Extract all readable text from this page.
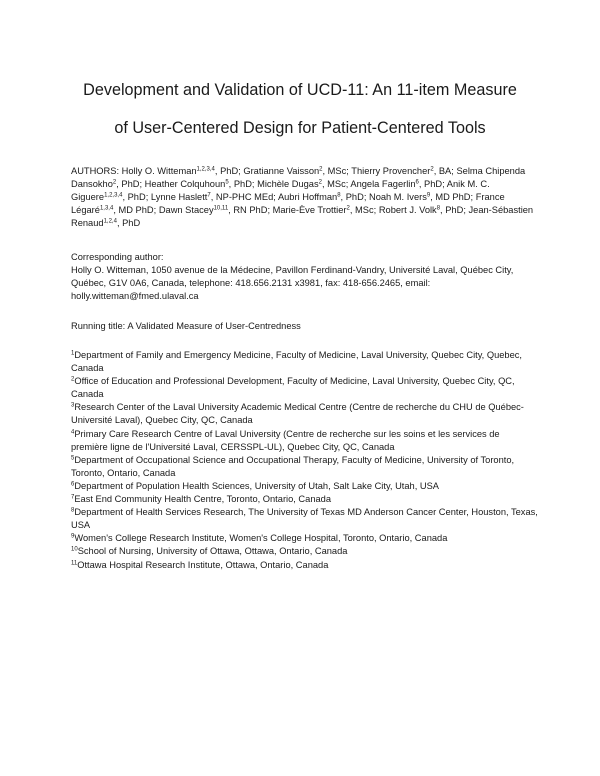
Development and Validation of UCD-11: An 11-item Measure
of User-Centered Design for Patient-Centered Tools

AUTHORS: Holly O. Witteman$^{1,2,3,4}$, PhD; Gratianne Vaisson$^2$, MSc; Thierry Provencher$^2$, BA; Selma Chipenda Dansokho$^2$, PhD; Heather Colquhoun$^5$, PhD; Michèle Dugas$^2$, MSc; Angela Fagerlin$^6$, PhD; Anik M. C. Giguere$^{1,2,3,4}$, PhD; Lynne Haslett$^7$, NP-PHC MEd; Aubri Hoffman$^8$, PhD; Noah M. Ivers$^9$, MD PhD; France Légaré$^{1,3,4}$, MD PhD; Dawn Stacey$^{10,11}$, RN PhD; Marie-Ève Trottier$^2$, MSc; Robert J. Volk$^8$, PhD; Jean-Sébastien Renaud$^{1,2,4}$, PhD

Corresponding author:

Holly O. Witteman, 1050 avenue de la Médecine, Pavillon Ferdinand-Vandry, Université Laval, Québec City, Québec, G1V 0A6, Canada, telephone: 418.656.2131 x3981, fax: 418-656.2465, email: holly.witteman@fmed.ulaval.ca

Running title: A Validated Measure of User-Centredness

$^1$Department of Family and Emergency Medicine, Faculty of Medicine, Laval University, Quebec City, Quebec, Canada

$^2$Office of Education and Professional Development, Faculty of Medicine, Laval University, Quebec City, QC, Canada

$^3$Research Center of the Laval University Academic Medical Centre (Centre de recherche du CHU de Québec-Université Laval), Quebec City, QC, Canada

$^4$Primary Care Research Centre of Laval University (Centre de recherche sur les soins et les services de première ligne de l'Université Laval, CERSSPL-UL), Quebec City, QC, Canada

$^5$Department of Occupational Science and Occupational Therapy, Faculty of Medicine, University of Toronto, Toronto, Ontario, Canada

$^6$Department of Population Health Sciences, University of Utah, Salt Lake City, Utah, USA

$^7$East End Community Health Centre, Toronto, Ontario, Canada

$^8$Department of Health Services Research, The University of Texas MD Anderson Cancer Center, Houston, Texas, USA

$^9$Women's College Research Institute, Women's College Hospital, Toronto, Ontario, Canada

$^{10}$School of Nursing, University of Ottawa, Ottawa, Ontario, Canada

$^{11}$Ottawa Hospital Research Institute, Ottawa, Ontario, Canada
